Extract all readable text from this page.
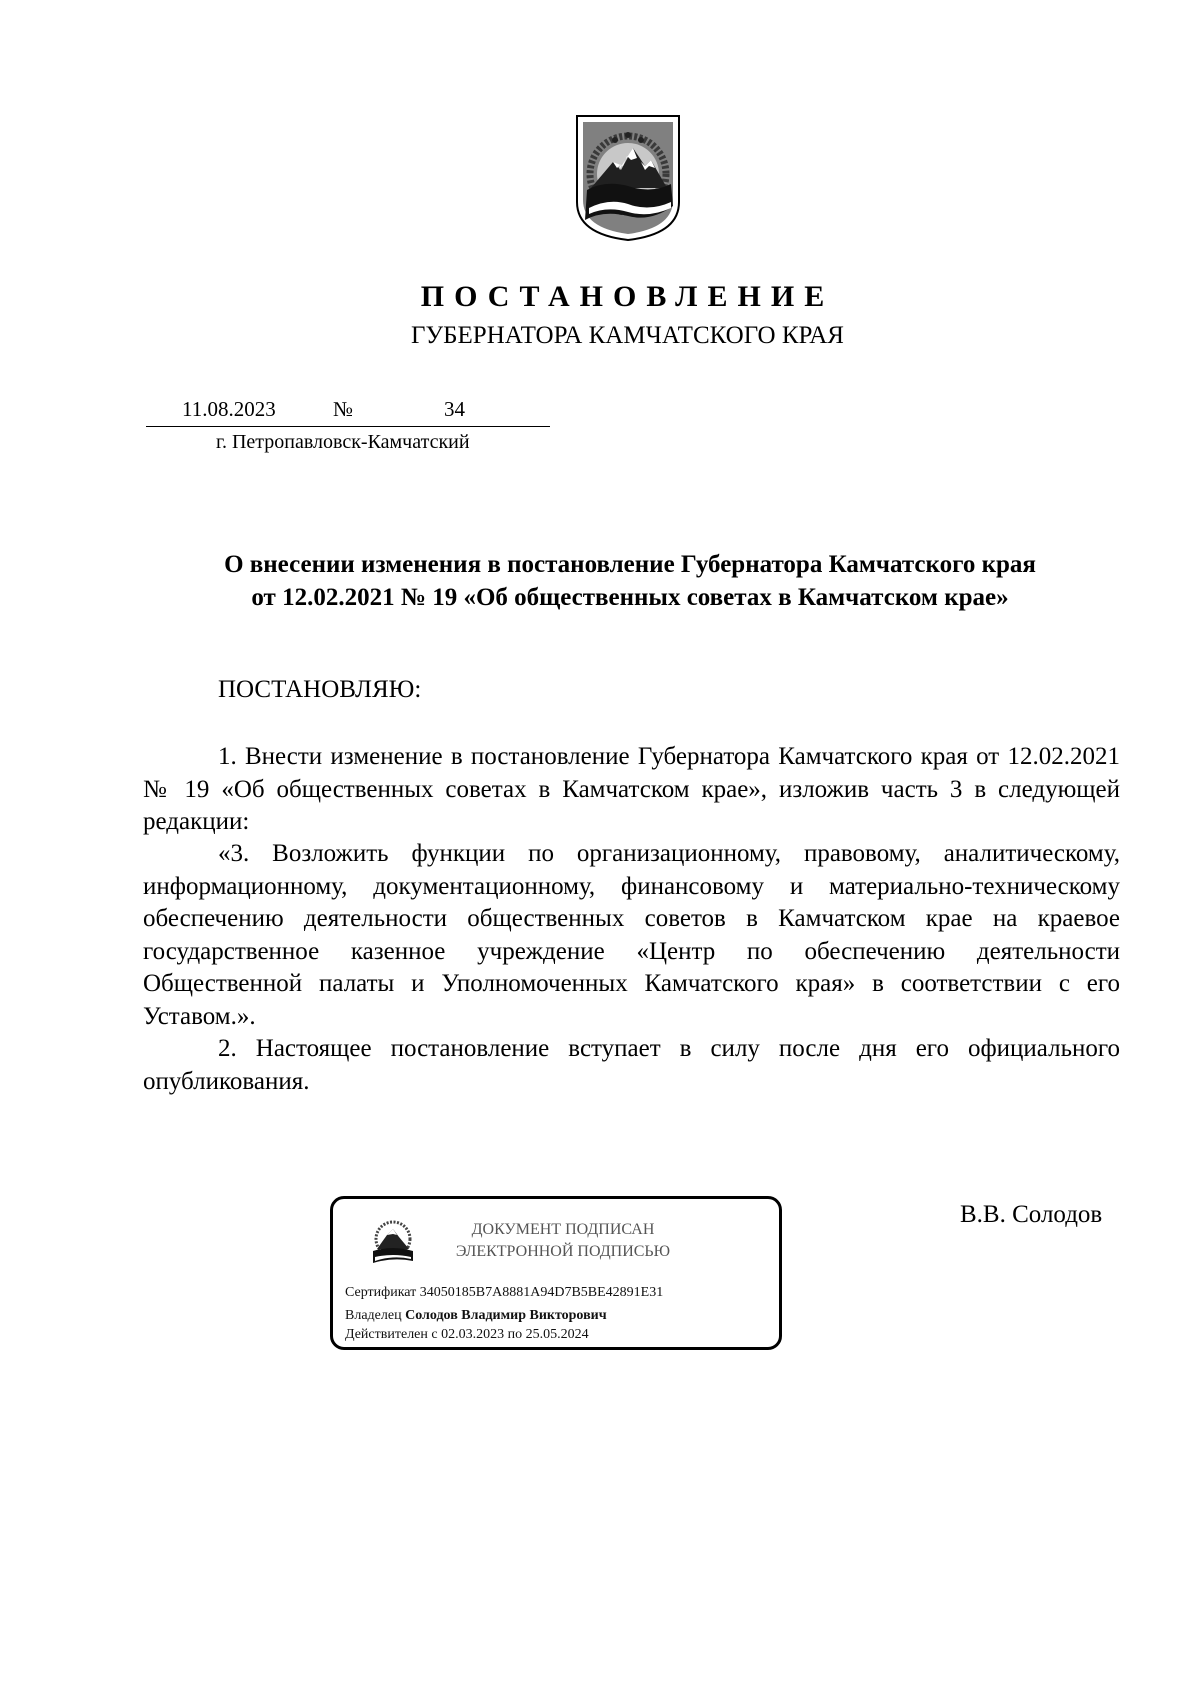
ПОСТАНОВЛЕНИЕ
ГУБЕРНАТОРА КАМЧАТСКОГО КРАЯ
11.08.2023	№	34
г. Петропавловск-Камчатский
О внесении изменения в постановление Губернатора Камчатского края
от 12.02.2021 № 19 «Об общественных советах в Камчатском крае»
ПОСТАНОВЛЯЮ:

1. Внести изменение в постановление Губернатора Камчатского края от 12.02.2021 № 19 «Об общественных советах в Камчатском крае», изложив часть 3 в следующей редакции:

«3. Возложить функции по организационному, правовому, аналитическому, информационному, документационному, финансовому и материально-техническому обеспечению деятельности общественных советов в Камчатском крае на краевое государственное казенное учреждение «Центр по обеспечению деятельности Общественной палаты и Уполномоченных Камчатского края» в соответствии с его Уставом.».

2. Настоящее постановление вступает в силу после дня его официального опубликования.

ДОКУМЕНТ ПОДПИСАН
ЭЛЕКТРОННОЙ ПОДПИСЬЮ
Сертификат 34050185B7A8881A94D7B5BE42891E31
Владелец Солодов Владимир Викторович
Действителен с 02.03.2023 по 25.05.2024
В.В. Солодов
